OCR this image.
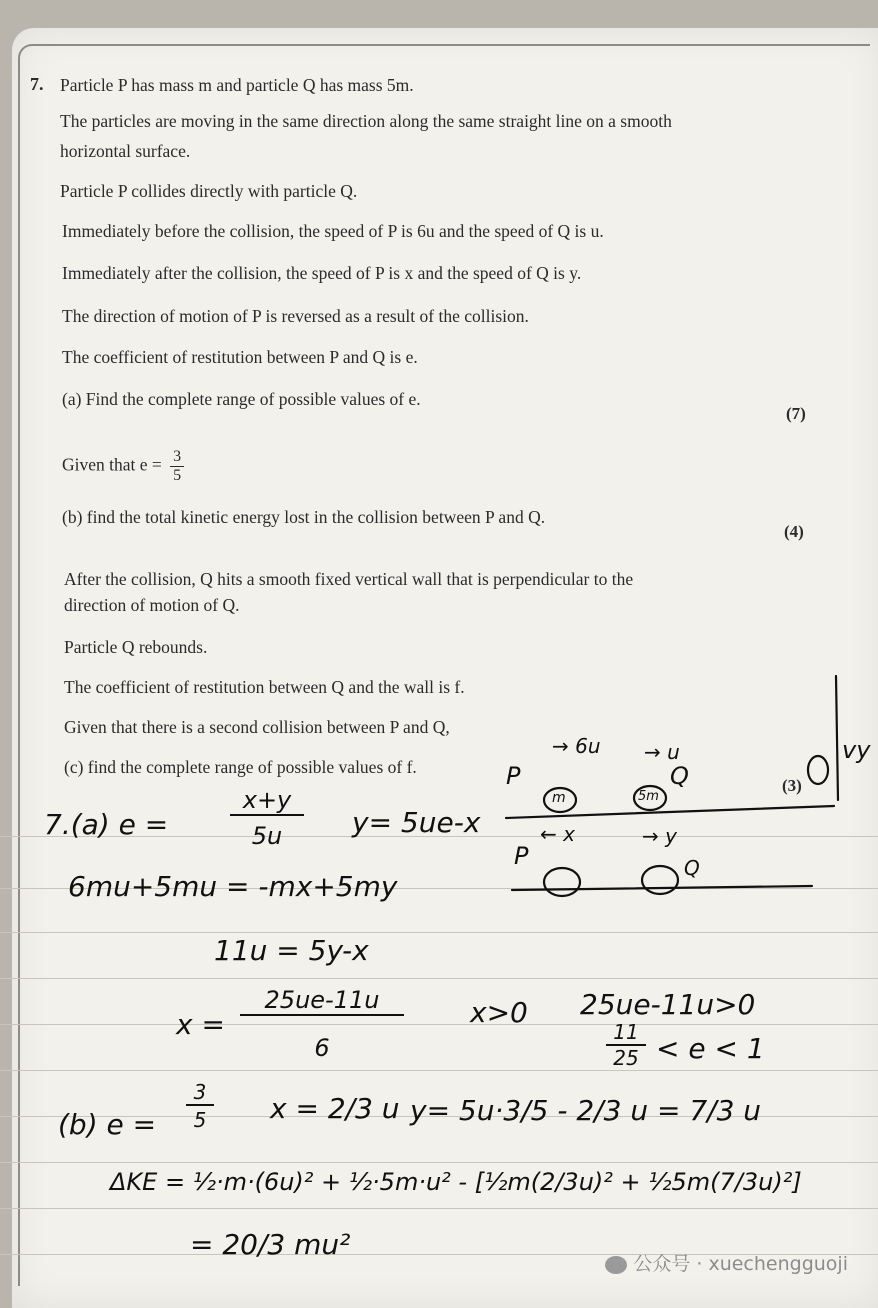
7. Particle P has mass m and particle Q has mass 5m.
The particles are moving in the same direction along the same straight line on a smooth
horizontal surface.
Particle P collides directly with particle Q.
Immediately before the collision, the speed of P is 6u and the speed of Q is u.
Immediately after the collision, the speed of P is x and the speed of Q is y.
The direction of motion of P is reversed as a result of the collision.
The coefficient of restitution between P and Q is e.
(a) Find the complete range of possible values of e.
(7)
Given that $e = \frac{3}{5}$
(b) find the total kinetic energy lost in the collision between P and Q.
(4)
After the collision, Q hits a smooth fixed vertical wall that is perpendicular to the
direction of motion of Q.
Particle Q rebounds.
The coefficient of restitution between Q and the wall is f.
Given that there is a second collision between P and Q,
(c) find the complete range of possible values of f.
(3)
P
→ 6u → u
Q
m	5m
P
← x	→ y
Q
vy
7.(a) e =
x+y
5u	y= 5ue-x
6mu+5mu = -mx+5my
11u = 5y-x
x =
25ue-11u
6
x>0 25ue-11u>0
11
25 < e < 1
(b) e =
3
5 x = 2/3 u y= 5u·3/5 - 2/3 u = 7/3 u
ΔKE = ½·m·(6u)² + ½·5m·u² - [½m(2/3u)² + ½5m(7/3u)²]
= 20/3 mu²
公众号 · xuechengguoji
